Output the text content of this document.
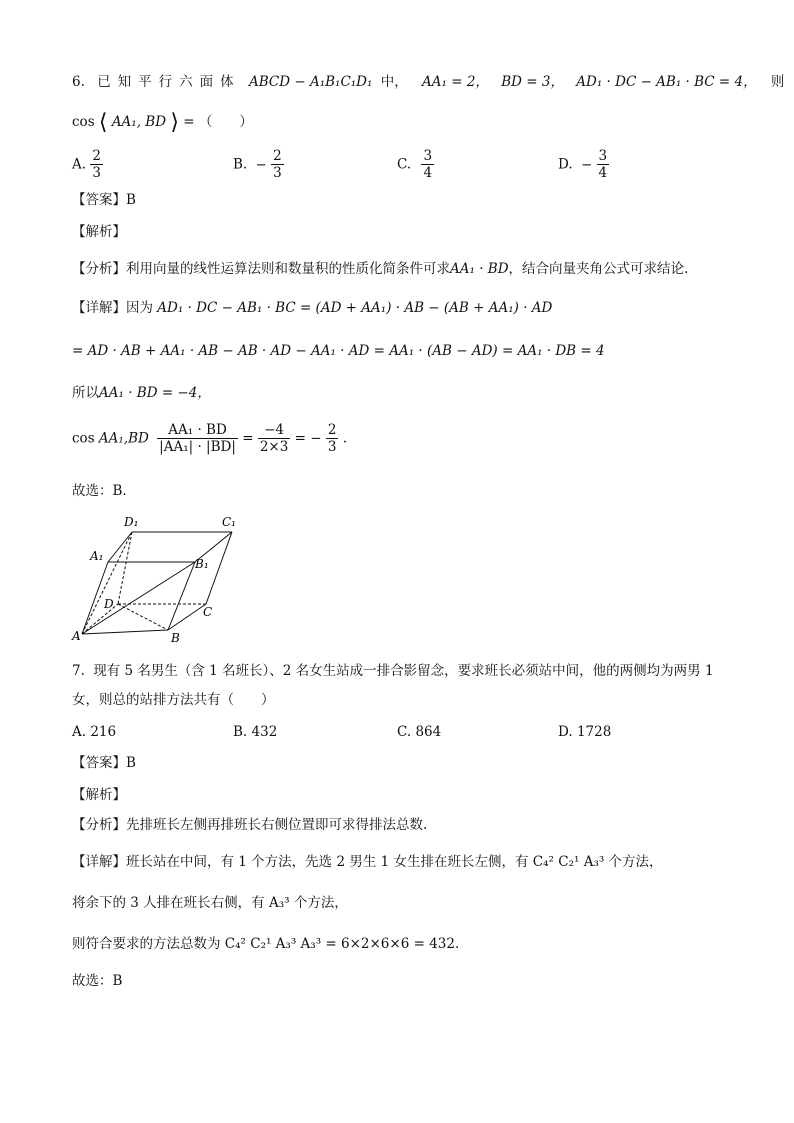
6. 已知平行六面体 ABCD − A₁B₁C₁D₁ 中， AA₁ = 2， BD = 3， AD₁ · DC − AB₁ · BC = 4， 则
cos ⟨ AA₁, BD ⟩ = （　　）
A. $\frac{2}{3}$	B. − $\frac{2}{3}$	C. $\frac{3}{4}$	D. − $\frac{3}{4}$
【答案】B
【解析】
【分析】利用向量的线性运算法则和数量积的性质化简条件可求AA₁ · BD，结合向量夹角公式可求结论.
【详解】因为 AD₁ · DC − AB₁ · BC = (AD + AA₁) · AB − (AB + AA₁) · AD
= AD · AB + AA₁ · AB − AB · AD − AA₁ · AD = AA₁ · (AB − AD) = AA₁ · DB = 4
所以AA₁ · BD = −4，
$\cos AA_1,BD \frac{\text{AA₁ · BD}}{\text{|AA₁| · |BD|}} = \frac{-4}{2\times 3}$ = − $\frac{2}{3}$ .
故选：B.
D₁	C₁
A₁
B₁
D
C
A	B
7. 现有 5 名男生（含 1 名班长）、2 名女生站成一排合影留念，要求班长必须站中间，他的两侧均为两男 1
女，则总的站排方法共有（　　）
A. 216	B. 432	C. 864	D. 1728
【答案】B
【解析】
【分析】先排班长左侧再排班长右侧位置即可求得排法总数.
【详解】班长站在中间，有 1 个方法，先选 2 男生 1 女生排在班长左侧，有 C₄² C₂¹ A₃³ 个方法，
将余下的 3 人排在班长右侧，有 A₃³ 个方法，
则符合要求的方法总数为 C₄² C₂¹ A₃³ A₃³ = 6×2×6×6 = 432.
故选：B
